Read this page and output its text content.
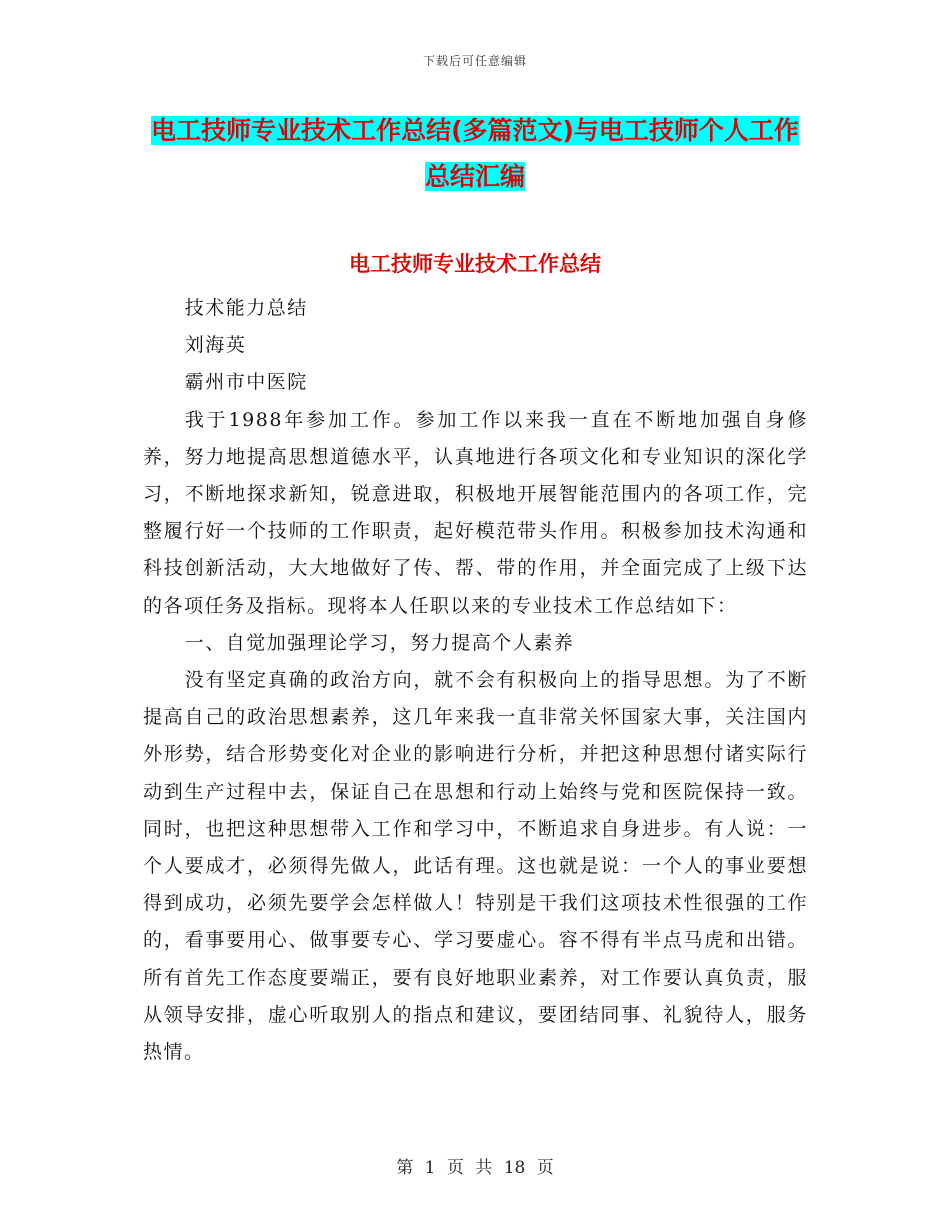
下载后可任意编辑
电工技师专业技术工作总结(多篇范文)与电工技师个人工作总结汇编
电工技师专业技术工作总结

技术能力总结

刘海英

霸州市中医院

我于1988年参加工作。参加工作以来我一直在不断地加强自身修养，努力地提高思想道德水平，认真地进行各项文化和专业知识的深化学习，不断地探求新知，锐意进取，积极地开展智能范围内的各项工作，完整履行好一个技师的工作职责，起好模范带头作用。积极参加技术沟通和科技创新活动，大大地做好了传、帮、带的作用，并全面完成了上级下达的各项任务及指标。现将本人任职以来的专业技术工作总结如下：

一、自觉加强理论学习，努力提高个人素养

没有坚定真确的政治方向，就不会有积极向上的指导思想。为了不断提高自己的政治思想素养，这几年来我一直非常关怀国家大事，关注国内外形势，结合形势变化对企业的影响进行分析，并把这种思想付诸实际行动到生产过程中去，保证自己在思想和行动上始终与党和医院保持一致。同时，也把这种思想带入工作和学习中，不断追求自身进步。有人说：一个人要成才，必须得先做人，此话有理。这也就是说：一个人的事业要想得到成功，必须先要学会怎样做人！特别是干我们这项技术性很强的工作的，看事要用心、做事要专心、学习要虚心。容不得有半点马虎和出错。所有首先工作态度要端正，要有良好地职业素养，对工作要认真负责，服从领导安排，虚心听取别人的指点和建议，要团结同事、礼貌待人，服务热情。

第 1 页 共 18 页
